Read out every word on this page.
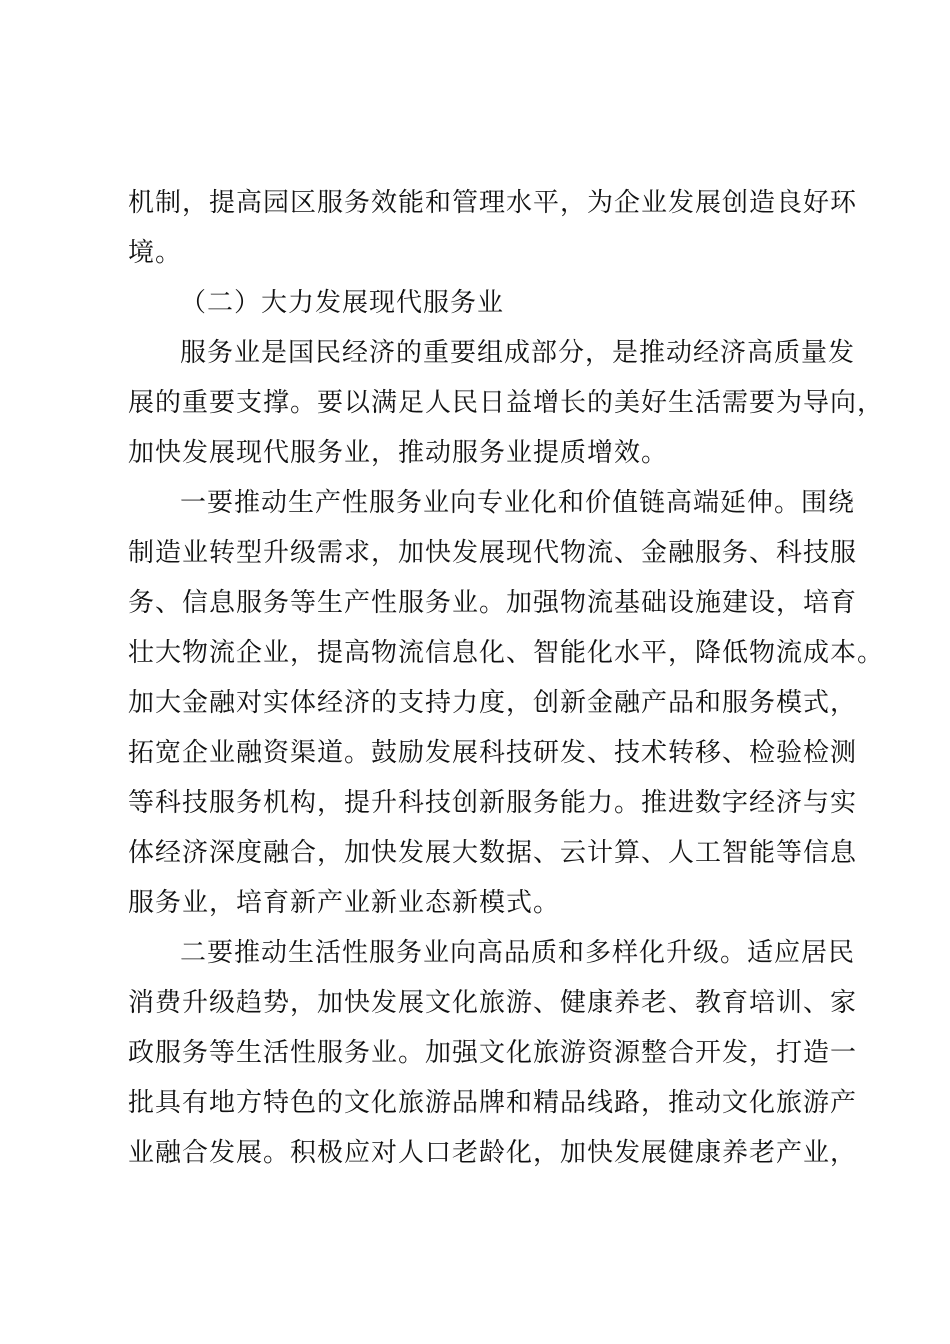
机制，提高园区服务效能和管理水平，为企业发展创造良好环
境。
（二）大力发展现代服务业
服务业是国民经济的重要组成部分，是推动经济高质量发
展的重要支撑。要以满足人民日益增长的美好生活需要为导向，
加快发展现代服务业，推动服务业提质增效。
一要推动生产性服务业向专业化和价值链高端延伸。围绕
制造业转型升级需求，加快发展现代物流、金融服务、科技服
务、信息服务等生产性服务业。加强物流基础设施建设，培育
壮大物流企业，提高物流信息化、智能化水平，降低物流成本。
加大金融对实体经济的支持力度，创新金融产品和服务模式，
拓宽企业融资渠道。鼓励发展科技研发、技术转移、检验检测
等科技服务机构，提升科技创新服务能力。推进数字经济与实
体经济深度融合，加快发展大数据、云计算、人工智能等信息
服务业，培育新产业新业态新模式。
二要推动生活性服务业向高品质和多样化升级。适应居民
消费升级趋势，加快发展文化旅游、健康养老、教育培训、家
政服务等生活性服务业。加强文化旅游资源整合开发，打造一
批具有地方特色的文化旅游品牌和精品线路，推动文化旅游产
业融合发展。积极应对人口老龄化，加快发展健康养老产业，
